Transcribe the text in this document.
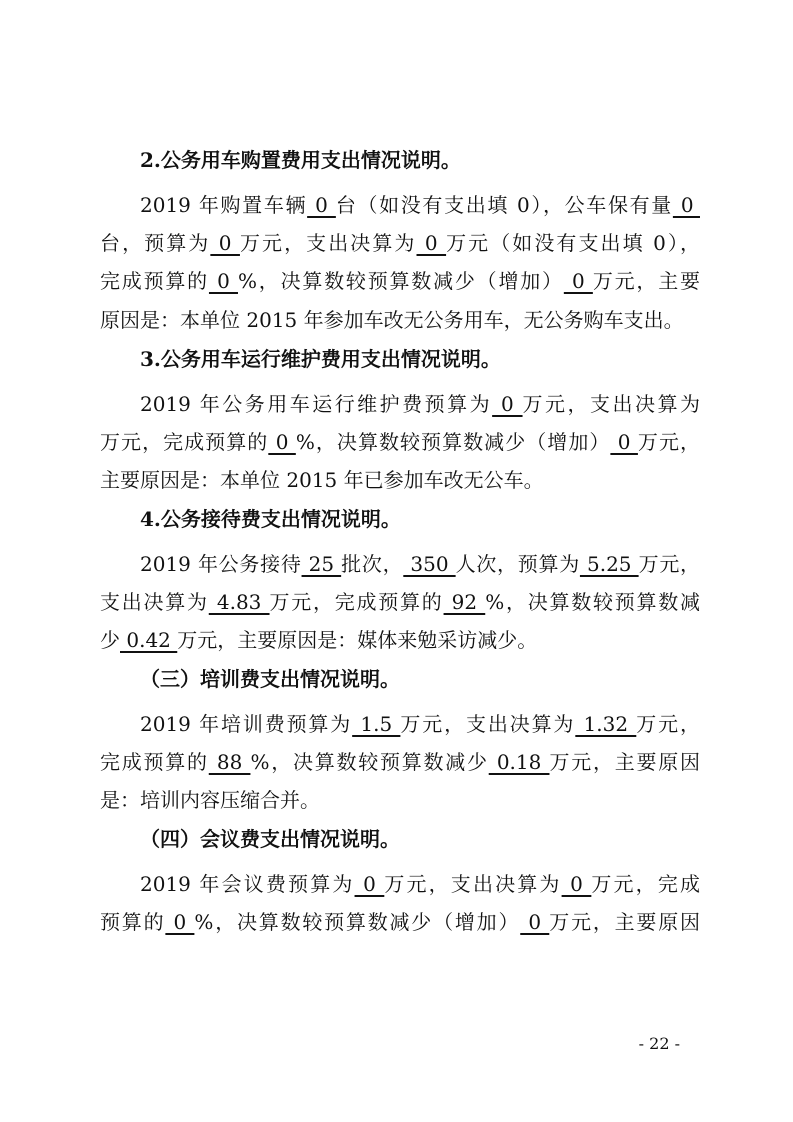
2.公务用车购置费用支出情况说明。
2019 年购置车辆 0 台（如没有支出填 0），公车保有量 0
台，预算为 0 万元，支出决算为 0 万元（如没有支出填 0），
完成预算的 0 %，决算数较预算数减少（增加） 0 万元，主要
原因是：本单位 2015 年参加车改无公务用车，无公务购车支出。
3.公务用车运行维护费用支出情况说明。
2019 年公务用车运行维护费预算为 0 万元，支出决算为
万元，完成预算的 0 %，决算数较预算数减少（增加） 0 万元，
主要原因是：本单位 2015 年已参加车改无公车。
4.公务接待费支出情况说明。
2019 年公务接待 25 批次， 350 人次，预算为 5.25 万元，
支出决算为 4.83 万元，完成预算的 92 %，决算数较预算数减
少 0.42 万元，主要原因是：媒体来勉采访减少。
（三）培训费支出情况说明。
2019 年培训费预算为 1.5 万元，支出决算为 1.32 万元，
完成预算的 88 %，决算数较预算数减少 0.18 万元，主要原因
是：培训内容压缩合并。
（四）会议费支出情况说明。
2019 年会议费预算为 0 万元，支出决算为 0 万元，完成
预算的 0 %，决算数较预算数减少（增加） 0 万元，主要原因
- 22 -
